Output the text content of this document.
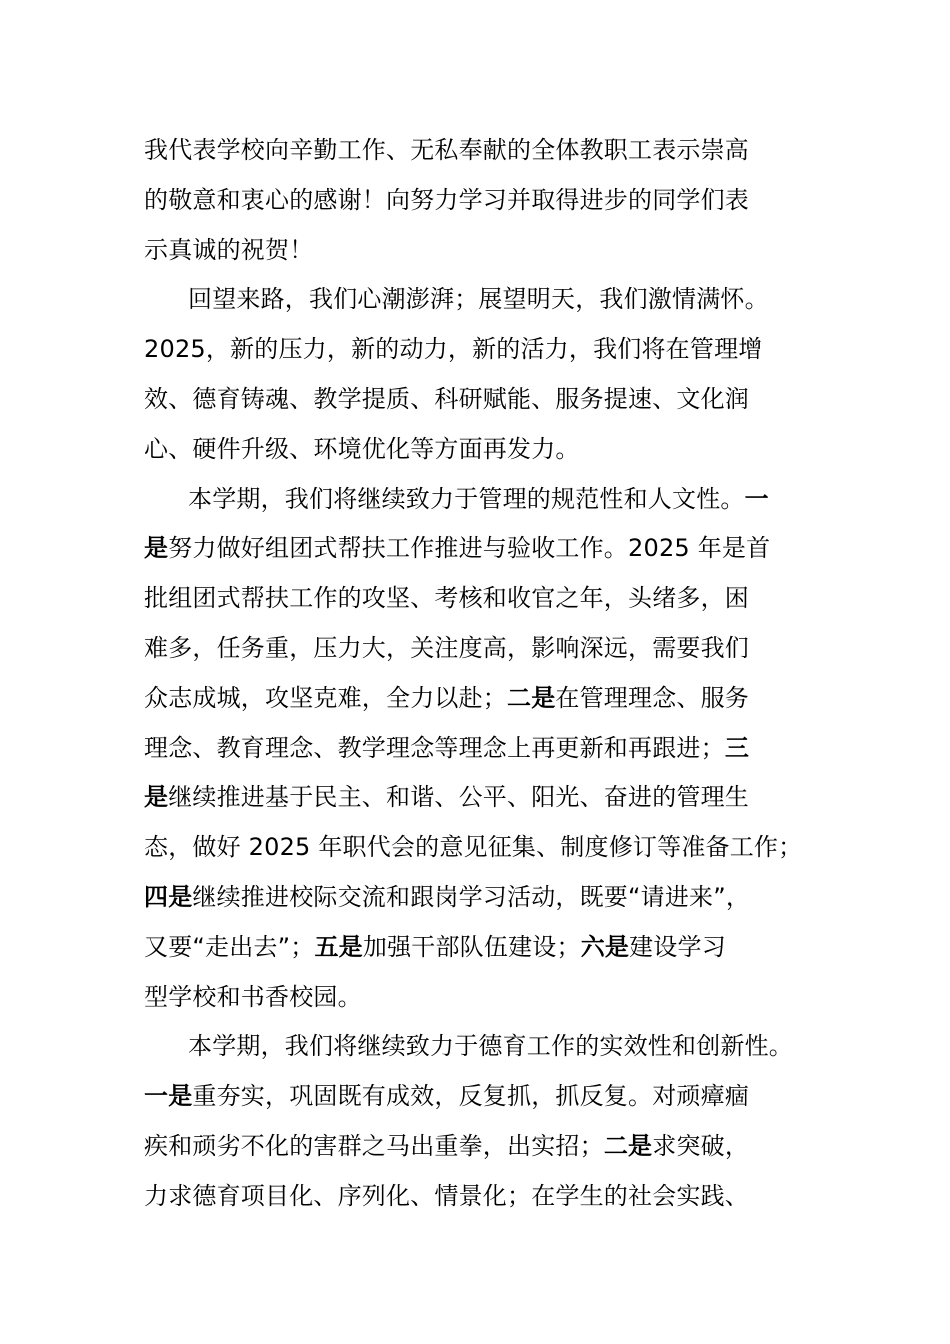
我代表学校向辛勤工作、无私奉献的全体教职工表示崇高
的敬意和衷心的感谢！向努力学习并取得进步的同学们表
示真诚的祝贺！
回望来路，我们心潮澎湃；展望明天，我们激情满怀。
2025，新的压力，新的动力，新的活力，我们将在管理增
效、德育铸魂、教学提质、科研赋能、服务提速、文化润
心、硬件升级、环境优化等方面再发力。
本学期，我们将继续致力于管理的规范性和人文性。一
是努力做好组团式帮扶工作推进与验收工作。2025 年是首
批组团式帮扶工作的攻坚、考核和收官之年，头绪多，困
难多，任务重，压力大，关注度高，影响深远，需要我们
众志成城，攻坚克难，全力以赴；二是在管理理念、服务
理念、教育理念、教学理念等理念上再更新和再跟进；三
是继续推进基于民主、和谐、公平、阳光、奋进的管理生
态，做好 2025 年职代会的意见征集、制度修订等准备工作；
四是继续推进校际交流和跟岗学习活动，既要“请进来”，
又要“走出去”；五是加强干部队伍建设；六是建设学习
型学校和书香校园。
本学期，我们将继续致力于德育工作的实效性和创新性。
一是重夯实，巩固既有成效，反复抓，抓反复。对顽瘴痼
疾和顽劣不化的害群之马出重拳，出实招；二是求突破，
力求德育项目化、序列化、情景化；在学生的社会实践、
